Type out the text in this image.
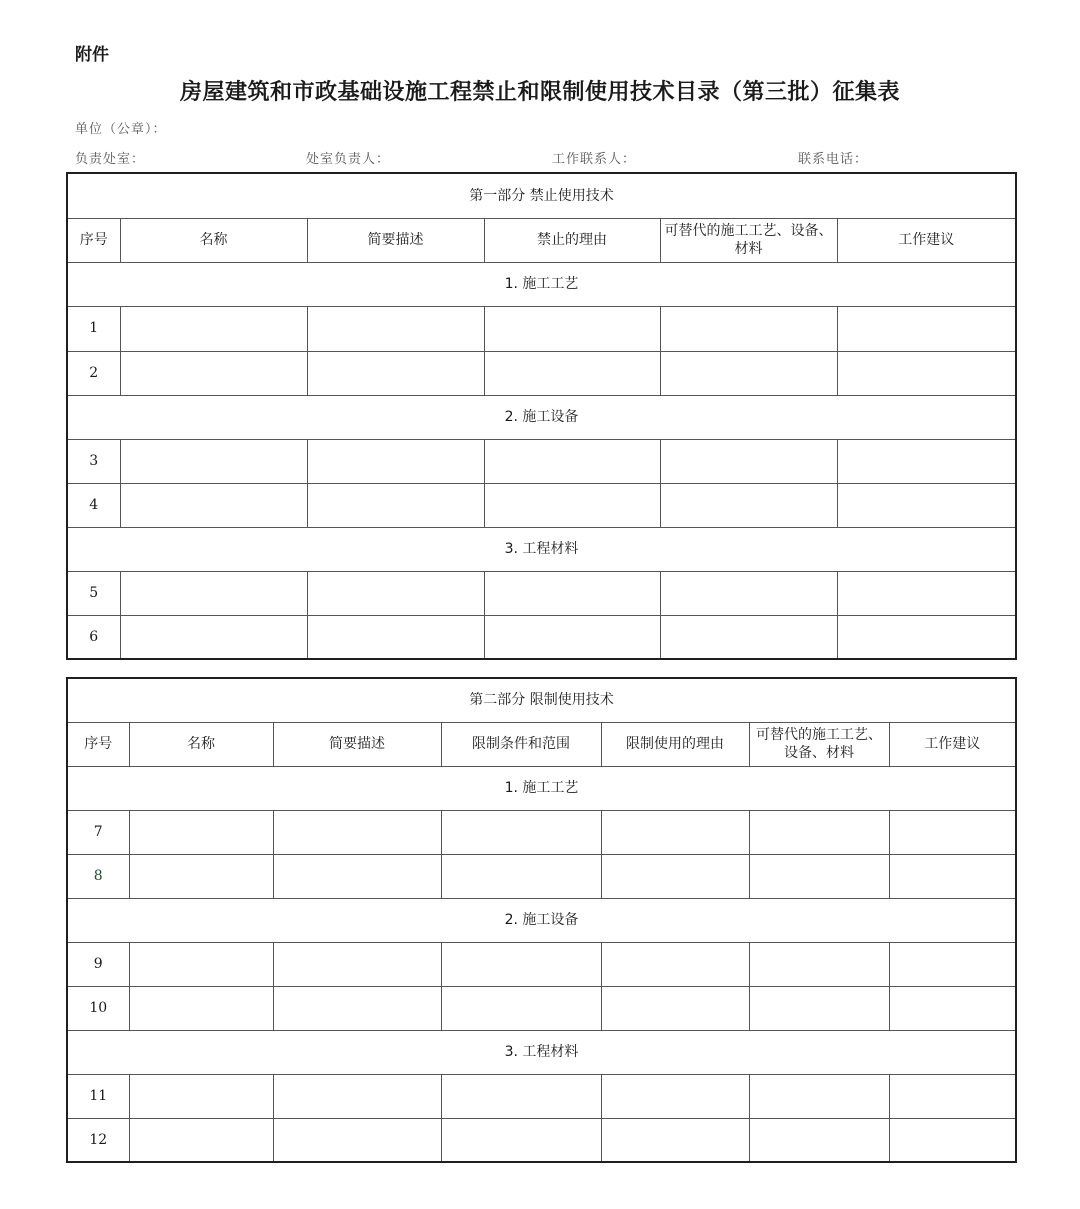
附件
房屋建筑和市政基础设施工程禁止和限制使用技术目录（第三批）征集表
单位（公章）：
负责处室：	处室负责人：	工作联系人：	联系电话：
第一部分 禁止使用技术					
序号	名称	简要描述	禁止的理由	可替代的施工工艺、设备、材料	工作建议
1. 施工工艺					
1					
2					
2. 施工设备					
3					
4					
3. 工程材料					
5					
6					
第二部分 限制使用技术						
序号	名称	简要描述	限制条件和范围	限制使用的理由	可替代的施工工艺、设备、材料	工作建议
1. 施工工艺						
7						
8						
2. 施工设备						
9						
10						
3. 工程材料						
11						
12						
